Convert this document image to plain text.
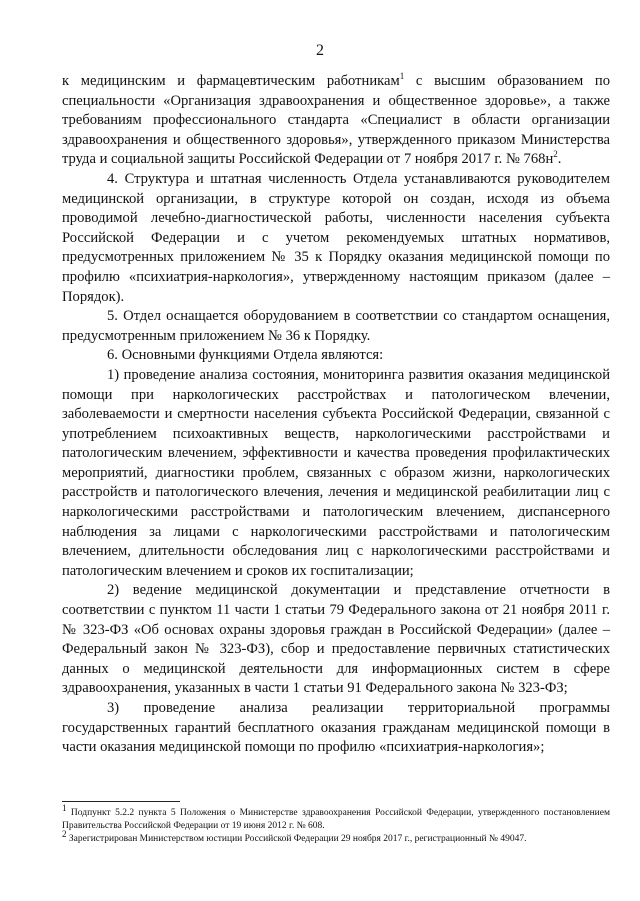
2

к медицинским и фармацевтическим работникам$^1$ с высшим образованием по специальности «Организация здравоохранения и общественное здоровье», а также требованиям профессионального стандарта «Специалист в области организации здравоохранения и общественного здоровья», утвержденного приказом Министерства труда и социальной защиты Российской Федерации от 7 ноября 2017 г. № $768н^2$.

4. Структура и штатная численность Отдела устанавливаются руководителем медицинской организации, в структуре которой он создан, исходя из объема проводимой лечебно-диагностической работы, численности населения субъекта Российской Федерации и с учетом рекомендуемых штатных нормативов, предусмотренных приложением № 35 к Порядку оказания медицинской помощи по профилю «психиатрия-наркология», утвержденному настоящим приказом (далее – Порядок).

5. Отдел оснащается оборудованием в соответствии со стандартом оснащения, предусмотренным приложением № 36 к Порядку.

6. Основными функциями Отдела являются:

1) проведение анализа состояния, мониторинга развития оказания медицинской помощи при наркологических расстройствах и патологическом влечении, заболеваемости и смертности населения субъекта Российской Федерации, связанной с употреблением психоактивных веществ, наркологическими расстройствами и патологическим влечением, эффективности и качества проведения профилактических мероприятий, диагностики проблем, связанных с образом жизни, наркологических расстройств и патологического влечения, лечения и медицинской реабилитации лиц с наркологическими расстройствами и патологическим влечением, диспансерного наблюдения за лицами с наркологическими расстройствами и патологическим влечением, длительности обследования лиц с наркологическими расстройствами и патологическим влечением и сроков их госпитализации;

2) ведение медицинской документации и представление отчетности в соответствии с пунктом 11 части 1 статьи 79 Федерального закона от 21 ноября 2011 г. № 323-ФЗ «Об основах охраны здоровья граждан в Российской Федерации» (далее – Федеральный закон № 323-ФЗ), сбор и предоставление первичных статистических данных о медицинской деятельности для информационных систем в сфере здравоохранения, указанных в части 1 статьи 91 Федерального закона № 323-ФЗ;

3) проведение анализа реализации территориальной программы государственных гарантий бесплатного оказания гражданам медицинской помощи в части оказания медицинской помощи по профилю «психиатрия-наркология»;

$^1$ Подпункт 5.2.2 пункта 5 Положения о Министерстве здравоохранения Российской Федерации, утвержденного постановлением Правительства Российской Федерации от 19 июня 2012 г. № 608.

$^2$ Зарегистрирован Министерством юстиции Российской Федерации 29 ноября 2017 г., регистрационный № 49047.
